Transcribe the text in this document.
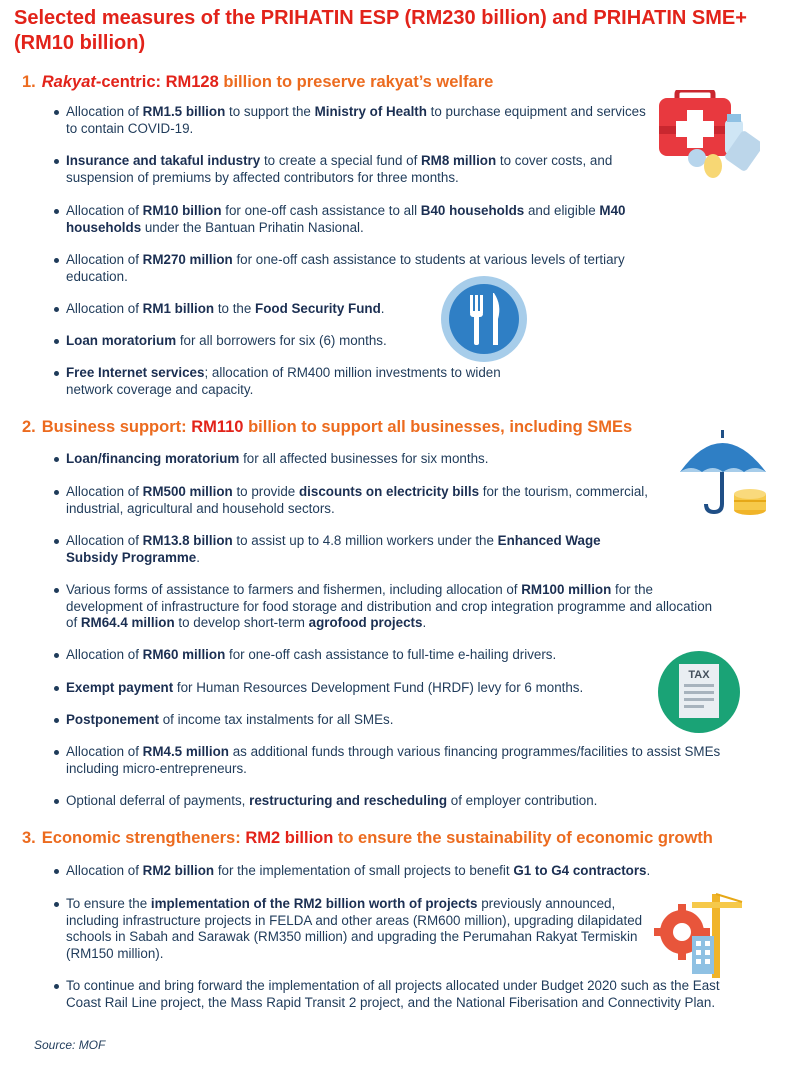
Selected measures of the PRIHATIN ESP (RM230 billion) and PRIHATIN SME+ (RM10 billion)
1. Rakyat-centric: RM128 billion to preserve rakyat’s welfare
Allocation of RM1.5 billion to support the Ministry of Health to purchase equipment and services to contain COVID-19.
Insurance and takaful industry to create a special fund of RM8 million to cover costs, and suspension of premiums by affected contributors for three months.
Allocation of RM10 billion for one-off cash assistance to all B40 households and eligible M40 households under the Bantuan Prihatin Nasional.
Allocation of RM270 million for one-off cash assistance to students at various levels of tertiary education.
Allocation of RM1 billion to the Food Security Fund.
Loan moratorium for all borrowers for six (6) months.
Free Internet services; allocation of RM400 million investments to widen network coverage and capacity.
2. Business support: RM110 billion to support all businesses, including SMEs
Loan/financing moratorium for all affected businesses for six months.
Allocation of RM500 million to provide discounts on electricity bills for the tourism, commercial, industrial, agricultural and household sectors.
Allocation of RM13.8 billion to assist up to 4.8 million workers under the Enhanced Wage Subsidy Programme.
Various forms of assistance to farmers and fishermen, including allocation of RM100 million for the development of infrastructure for food storage and distribution and crop integration programme and allocation of RM64.4 million to develop short-term agrofood projects.
Allocation of RM60 million for one-off cash assistance to full-time e-hailing drivers.
Exempt payment for Human Resources Development Fund (HRDF) levy for 6 months.
Postponement of income tax instalments for all SMEs.
Allocation of RM4.5 million as additional funds through various financing programmes/facilities to assist SMEs including micro-entrepreneurs.
Optional deferral of payments, restructuring and rescheduling of employer contribution.
3. Economic strengtheners: RM2 billion to ensure the sustainability of economic growth
Allocation of RM2 billion for the implementation of small projects to benefit G1 to G4 contractors.
To ensure the implementation of the RM2 billion worth of projects previously announced, including infrastructure projects in FELDA and other areas (RM600 million), upgrading dilapidated schools in Sabah and Sarawak (RM350 million) and upgrading the Perumahan Rakyat Termiskin (RM150 million).
To continue and bring forward the implementation of all projects allocated under Budget 2020 such as the East Coast Rail Line project, the Mass Rapid Transit 2 project, and the National Fiberisation and Connectivity Plan.
Source: MOF
TAX
